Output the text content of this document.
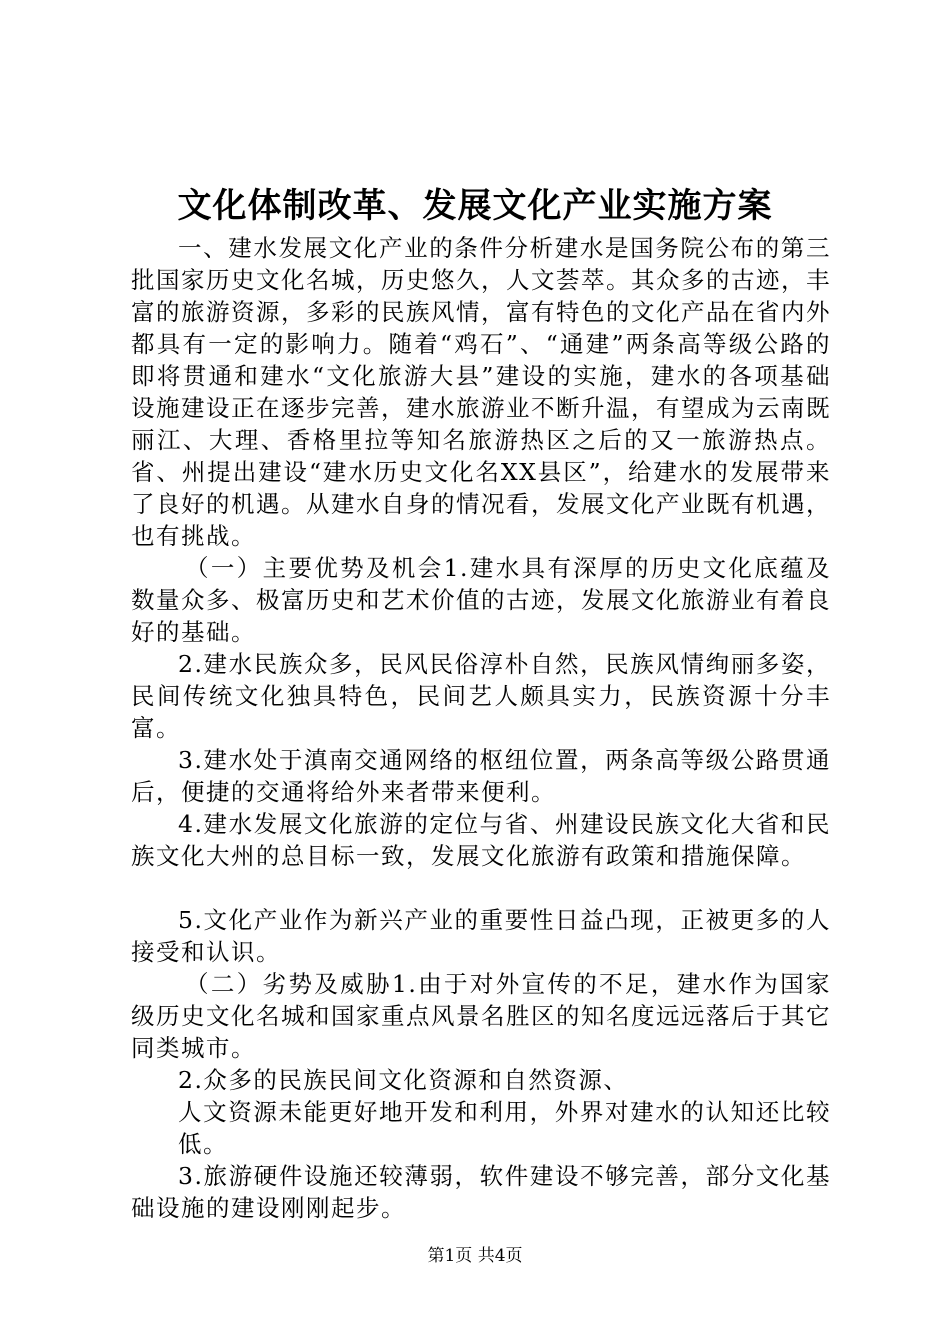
文化体制改革、发展文化产业实施方案

一、建水发展文化产业的条件分析建水是国务院公布的第三批国家历史文化名城，历史悠久，人文荟萃。其众多的古迹，丰富的旅游资源，多彩的民族风情，富有特色的文化产品在省内外都具有一定的影响力。随着“鸡石”、“通建”两条高等级公路的即将贯通和建水“文化旅游大县”建设的实施，建水的各项基础设施建设正在逐步完善，建水旅游业不断升温，有望成为云南既丽江、大理、香格里拉等知名旅游热区之后的又一旅游热点。省、州提出建设“建水历史文化名XX县区”，给建水的发展带来了良好的机遇。从建水自身的情况看，发展文化产业既有机遇，也有挑战。

（一）主要优势及机会1.建水具有深厚的历史文化底蕴及数量众多、极富历史和艺术价值的古迹，发展文化旅游业有着良好的基础。

2.建水民族众多，民风民俗淳朴自然，民族风情绚丽多姿，民间传统文化独具特色，民间艺人颇具实力，民族资源十分丰富。

3.建水处于滇南交通网络的枢纽位置，两条高等级公路贯通后，便捷的交通将给外来者带来便利。

4.建水发展文化旅游的定位与省、州建设民族文化大省和民族文化大州的总目标一致，发展文化旅游有政策和措施保障。

5.文化产业作为新兴产业的重要性日益凸现，正被更多的人接受和认识。

（二）劣势及威胁1.由于对外宣传的不足，建水作为国家级历史文化名城和国家重点风景名胜区的知名度远远落后于其它同类城市。

2.众多的民族民间文化资源和自然资源、

人文资源未能更好地开发和利用，外界对建水的认知还比较低。

3.旅游硬件设施还较薄弱，软件建设不够完善，部分文化基础设施的建设刚刚起步。

第1页 共4页
